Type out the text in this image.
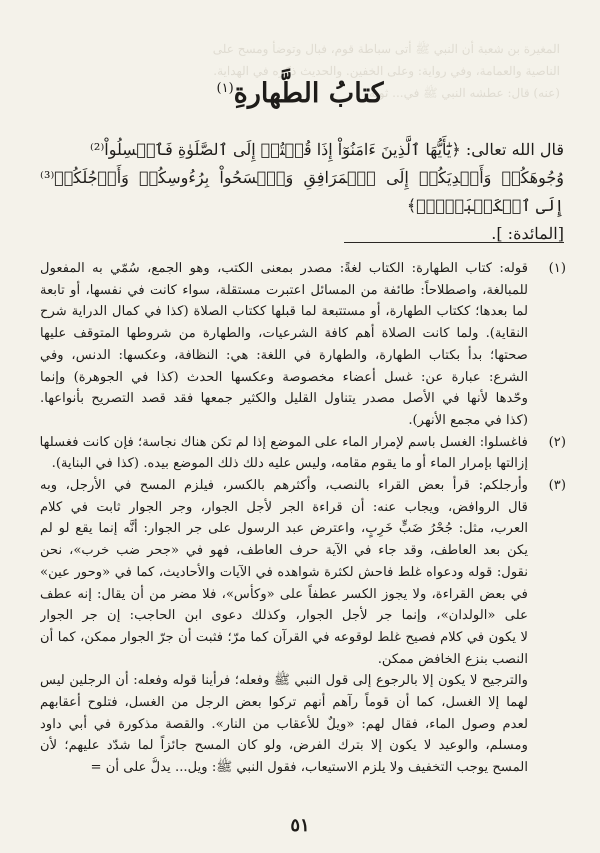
المغيرة بن شعبة أن النبي ﷺ أتى سباطة قوم، فبال وتوضأ ومسح على
الناصية والعمامة، وفي رواية: وعلى الخفين. والحديث ذكره في الهداية.
(عنه) قال: عطشه النبي ﷺ في... ثوبه
كتابُ الطَّهارةِ$^{(١)}$

قال الله تعالى: ﴿يَٰٓأَيُّهَا ٱلَّذِينَ ءَامَنُوٓاْ إِذَا قُمۡتُمۡ إِلَى ٱلصَّلَوٰةِ فَٱغۡسِلُواْ⁽²⁾

وُجُوهَكُمۡ وَأَيۡدِيَكُمۡ إِلَى ٱلۡمَرَافِقِ وَٱمۡسَحُواْ بِرُءُوسِكُمۡ وَأَرۡجُلَكُمۡ⁽³⁾ إِلَى ٱلۡكَعۡبَيۡنِۚ﴾

[المائدة: ].

(١)
قوله: كتاب الطهارة: الكتاب لغةً: مصدر بمعنى الكتب، وهو الجمع، سُمّي به المفعول
للمبالغة، واصطلاحاً: طائفة من المسائل اعتبرت مستقلة، سواء كانت في نفسها، أو تابعة
لما بعدها؛ ككتاب الطهارة، أو مستتبعة لما قبلها ككتاب الصلاة (كذا في كمال الدراية شرح
النقاية). ولما كانت الصلاة أهم كافة الشرعيات، والطهارة من شروطها المتوقف عليها
صحتها؛ بدأ بكتاب الطهارة، والطهارة في اللغة: هي: النظافة، وعكسها: الدنس، وفي
الشرع: عبارة عن: غسل أعضاء مخصوصة وعكسها الحدث (كذا في الجوهرة) وإنما
وحّدها لأنها في الأصل مصدر يتناول القليل والكثير جمعها فقد قصد التصريح بأنواعها.
(كذا في مجمع الأنهر).
(٢)
فاغسلوا: الغسل باسم لإمرار الماء على الموضع إذا لم تكن هناك نجاسة؛ فإن كانت فغسلها
إزالتها بإمرار الماء أو ما يقوم مقامه، وليس عليه دلك ذلك الموضع بيده. (كذا في البناية).
(٣)
وأرجلكم: قرأ بعض القراء بالنصب، وأكثرهم بالكسر، فيلزم المسح في الأرجل، وبه
قال الروافض، ويجاب عنه: أن قراءة الجر لأجل الجوار، وجر الجوار ثابت في كلام
العرب، مثل: جُحْرُ ضَبٍّ خَرِبٍ، واعترض عبد الرسول على جر الجوار: أنَّه إنما يقع لو لم
يكن بعد العاطف، وقد جاء في الآية حرف العاطف، فهو في «جحر ضب خرب»، نحن
نقول: قوله ودعواه غلط فاحش لكثرة شواهده في الآيات والأحاديث، كما في «وحور عين»
في بعض القراءة، ولا يجوز الكسر عطفاً على «وكأس»، فلا مضر من أن يقال: إنه عطف
على «الولدان»، وإنما جر لأجل الجوار، وكذلك دعوى ابن الحاجب: إن جر الجوار
لا يكون في كلام فصيح غلط لوقوعه في القرآن كما مرّ؛ فثبت أن جرّ الجوار ممكن، كما أن
النصب بنزع الخافض ممكن.
والترجيح لا يكون إلا بالرجوع إلى قول النبي ﷺ وفعله؛ فرأينا قوله وفعله: أن الرجلين ليس
لهما إلا الغسل، كما أن قوماً رآهم أنهم تركوا بعض الرجل من الغسل، فتلوح أعقابهم
لعدم وصول الماء، فقال لهم: «ويلٌ للأعقاب من النار». والقصة مذكورة في أبي داود
ومسلم، والوعيد لا يكون إلا بترك الفرض، ولو كان المسح جائزاً لما شدّد عليهم؛ لأن
المسح يوجب التخفيف ولا يلزم الاستيعاب، فقول النبي ﷺ: ويل... يدلُّ على أن =
٥١
